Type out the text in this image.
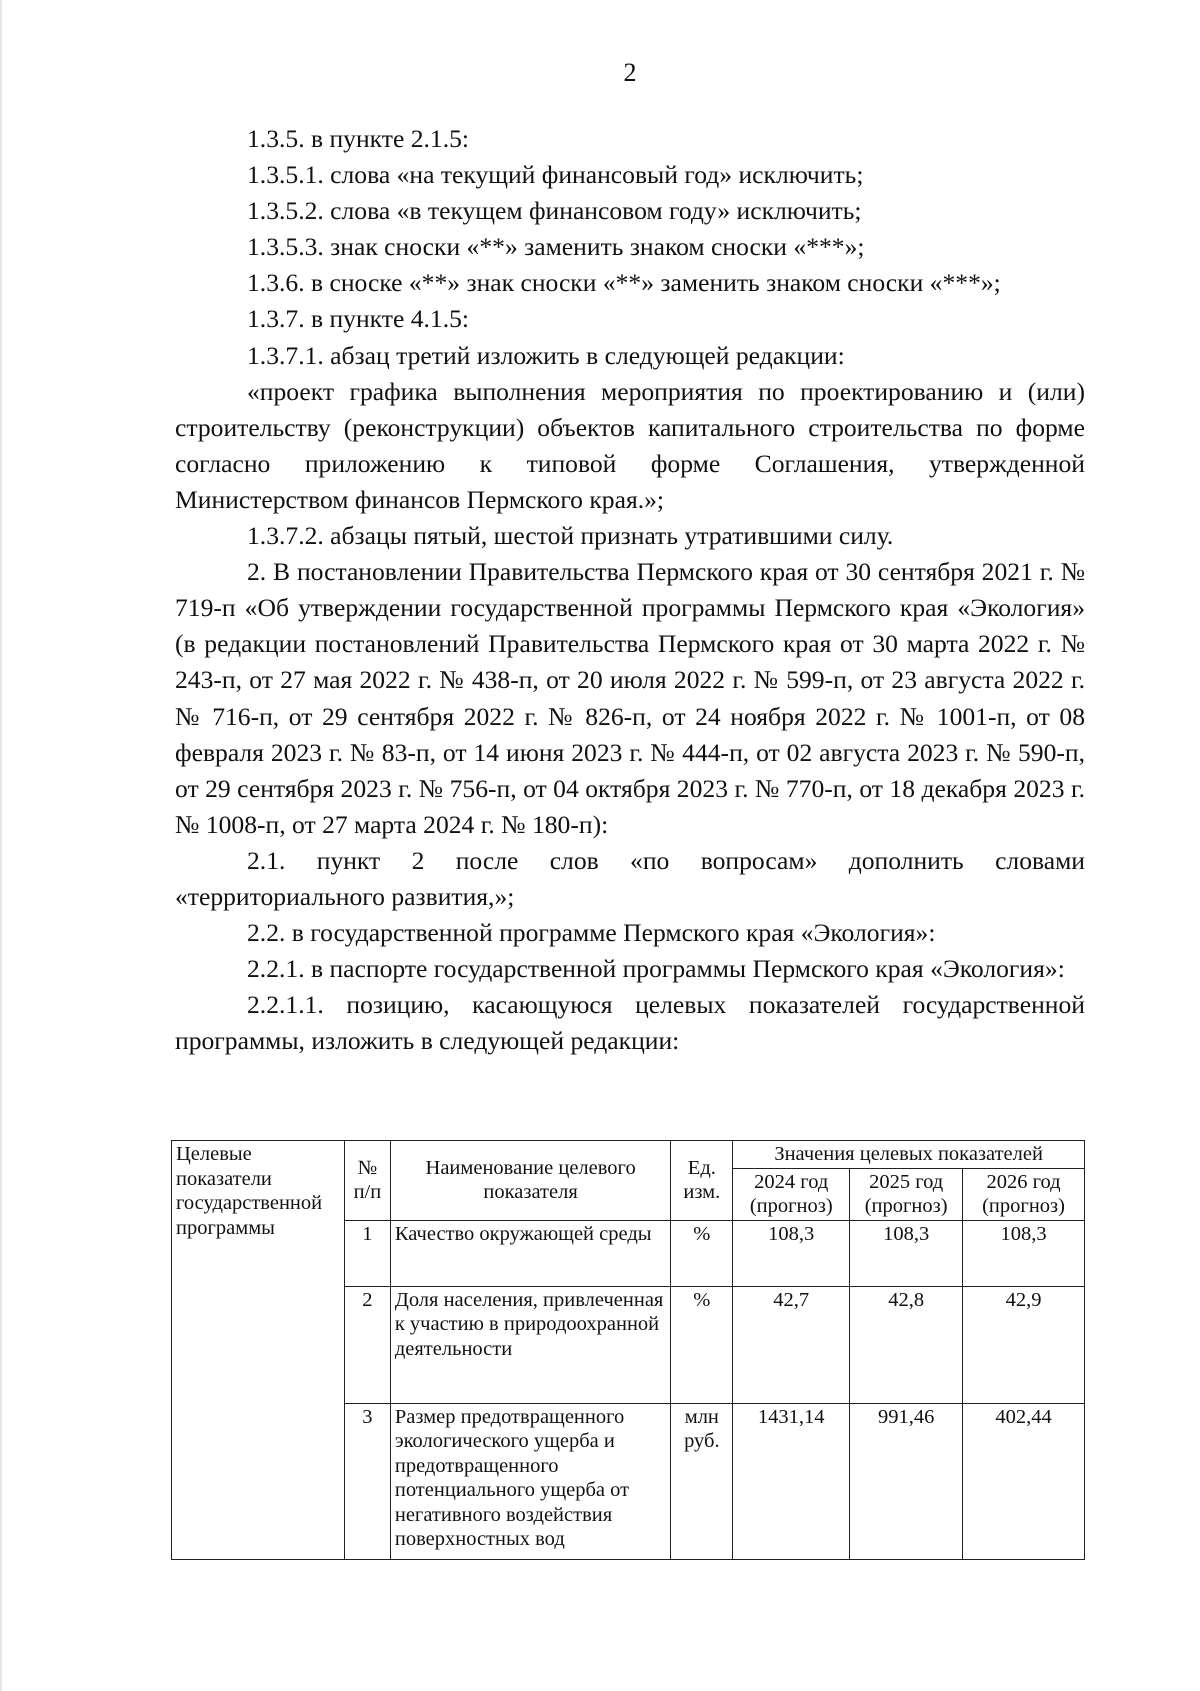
2

1.3.5. в пункте 2.1.5:

1.3.5.1. слова «на текущий финансовый год» исключить;

1.3.5.2. слова «в текущем финансовом году» исключить;

1.3.5.3. знак сноски «**» заменить знаком сноски «***»;

1.3.6. в сноске «**» знак сноски «**» заменить знаком сноски «***»;

1.3.7. в пункте 4.1.5:

1.3.7.1. абзац третий изложить в следующей редакции:

«проект графика выполнения мероприятия по проектированию и (или) строительству (реконструкции) объектов капитального строительства по форме согласно приложению к типовой форме Соглашения, утвержденной Министерством финансов Пермского края.»;

1.3.7.2. абзацы пятый, шестой признать утратившими силу.

2. В постановлении Правительства Пермского края от 30 сентября 2021 г. № 719-п «Об утверждении государственной программы Пермского края «Экология» (в редакции постановлений Правительства Пермского края от 30 марта 2022 г. № 243-п, от 27 мая 2022 г. № 438-п, от 20 июля 2022 г. № 599-п, от 23 августа 2022 г. № 716-п, от 29 сентября 2022 г. № 826-п, от 24 ноября 2022 г. № 1001-п, от 08 февраля 2023 г. № 83-п, от 14 июня 2023 г. № 444-п, от 02 августа 2023 г. № 590-п, от 29 сентября 2023 г. № 756-п, от 04 октября 2023 г. № 770-п, от 18 декабря 2023 г. № 1008-п, от 27 марта 2024 г. № 180-п):

2.1. пункт 2 после слов «по вопросам» дополнить словами «территориального развития,»;

2.2. в государственной программе Пермского края «Экология»:

2.2.1. в паспорте государственной программы Пермского края «Экология»:

2.2.1.1. позицию, касающуюся целевых показателей государственной программы, изложить в следующей редакции:

Целевые показатели государственной программы	№ п/п	Наименование целевого показателя	Ед. изм.	Значения целевых показателей		
				2024 год (прогноз)	2025 год (прогноз)	2026 год (прогноз)
	1	Качество окружающей среды	%	108,3	108,3	108,3
	2	Доля населения, привлеченная к участию в природоохранной деятельности	%	42,7	42,8	42,9
	3	Размер предотвращенного экологического ущерба и предотвращенного потенциального ущерба от негативного воздействия поверхностных вод	млн руб.	1431,14	991,46	402,44
